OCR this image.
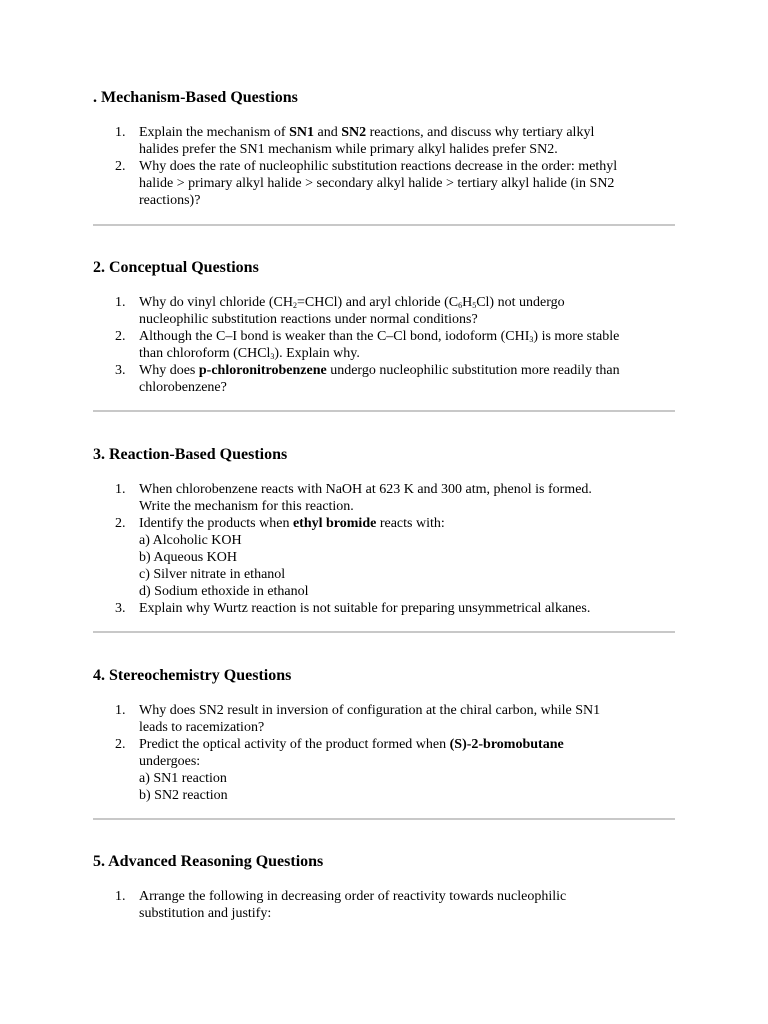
. Mechanism-Based Questions
1. Explain the mechanism of SN1 and SN2 reactions, and discuss why tertiary alkyl
halides prefer the SN1 mechanism while primary alkyl halides prefer SN2.
2. Why does the rate of nucleophilic substitution reactions decrease in the order: methyl
halide > primary alkyl halide > secondary alkyl halide > tertiary alkyl halide (in SN2
reactions)?
2. Conceptual Questions
1. Why do vinyl chloride $(CH_2=CHCl)$ and aryl chloride $(C_6H_5Cl)$ not undergo
nucleophilic substitution reactions under normal conditions?
2. Although the C–I bond is weaker than the C–Cl bond, iodoform $(CHI_3)$ is more stable
than chloroform (CHCl$_3$). Explain why.
3. Why does p-chloronitrobenzene undergo nucleophilic substitution more readily than
chlorobenzene?
3. Reaction-Based Questions
1. When chlorobenzene reacts with NaOH at 623 K and 300 atm, phenol is formed.
Write the mechanism for this reaction.
2. Identify the products when ethyl bromide reacts with:
a) Alcoholic KOH
b) Aqueous KOH
c) Silver nitrate in ethanol
d) Sodium ethoxide in ethanol
3. Explain why Wurtz reaction is not suitable for preparing unsymmetrical alkanes.
4. Stereochemistry Questions
1. Why does SN2 result in inversion of configuration at the chiral carbon, while SN1
leads to racemization?
2. Predict the optical activity of the product formed when (S)-2-bromobutane
undergoes:
a) SN1 reaction
b) SN2 reaction
5. Advanced Reasoning Questions
1. Arrange the following in decreasing order of reactivity towards nucleophilic
substitution and justify:
